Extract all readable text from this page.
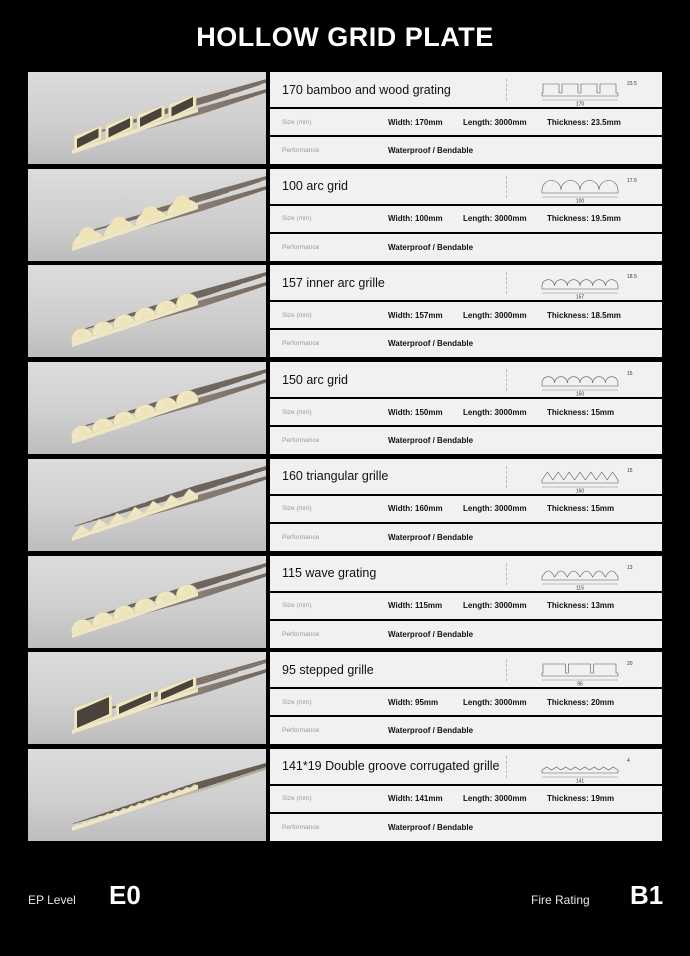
HOLLOW GRID PLATE
170 bamboo and wood grating
170
23.5
Size (mm)	Width: 170mm	Length: 3000mm	Thickness: 23.5mm
Performance	Waterproof / Bendable
100 arc grid
100
17.5
Size (mm)	Width: 100mm	Length: 3000mm	Thickness: 19.5mm
Performance	Waterproof / Bendable
157 inner arc grille
157
18.5
Size (mm)	Width: 157mm	Length: 3000mm	Thickness: 18.5mm
Performance	Waterproof / Bendable
150 arc grid
150
15
Size (mm)	Width: 150mm	Length: 3000mm	Thickness: 15mm
Performance	Waterproof / Bendable
160 triangular grille
160
15
Size (mm)	Width: 160mm	Length: 3000mm	Thickness: 15mm
Performance	Waterproof / Bendable
115 wave grating
115
13
Size (mm)	Width: 115mm	Length: 3000mm	Thickness: 13mm
Performance	Waterproof / Bendable
95 stepped grille
95
20
Size (mm)	Width: 95mm	Length: 3000mm	Thickness: 20mm
Performance	Waterproof / Bendable
141*19 Double groove corrugated grille
141
4
Size (mm)	Width: 141mm	Length: 3000mm	Thickness: 19mm
Performance	Waterproof / Bendable
EP Level E0	Fire Rating B1
